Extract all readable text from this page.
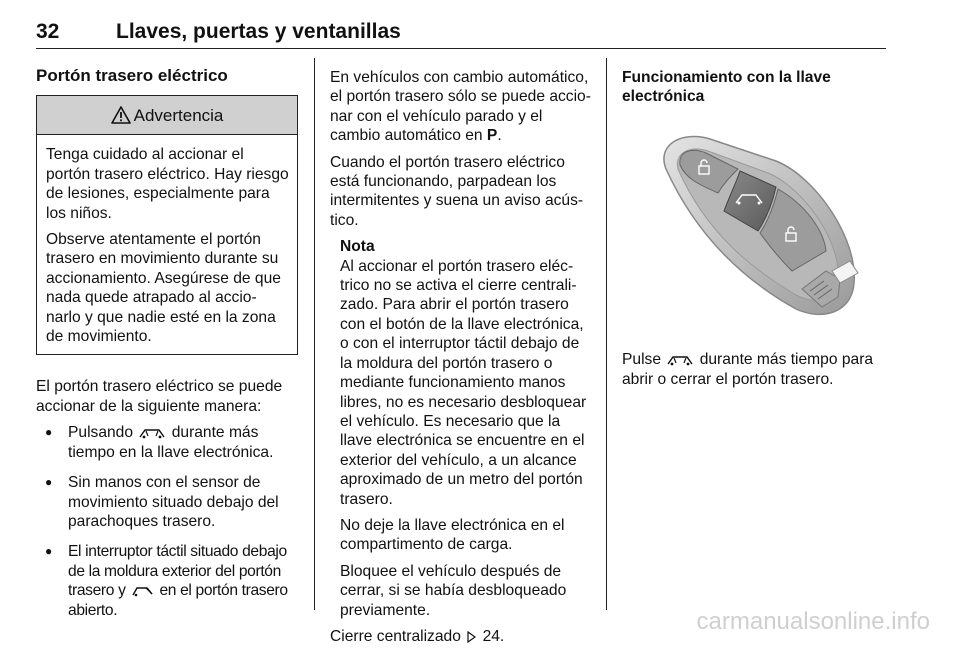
32	Llaves, puertas y ventanillas
Portón trasero eléctrico
Advertencia

Tenga cuidado al accionar el portón trasero eléctrico. Hay riesgo de lesiones, especialmente para los niños.

Observe atentamente el portón trasero en movimiento durante su accionamiento. Asegúrese de que nada quede atrapado al accio-narlo y que nadie esté en la zona de movimiento.

El portón trasero eléctrico se puede accionar de la siguiente manera:

● Pulsando durante más tiempo en la llave electrónica.
● Sin manos con el sensor de movimiento situado debajo del parachoques trasero.
● El interruptor táctil situado debajo de la moldura exterior del portón trasero y en el portón trasero abierto.

En vehículos con cambio automático, el portón trasero sólo se puede accio-nar con el vehículo parado y el cambio automático en P.

Cuando el portón trasero eléctrico está funcionando, parpadean los intermitentes y suena un aviso acús-tico.

Nota

Al accionar el portón trasero eléc-trico no se activa el cierre centrali-zado. Para abrir el portón trasero con el botón de la llave electrónica, o con el interruptor táctil debajo de la moldura del portón trasero o mediante funcionamiento manos libres, no es necesario desbloquear el vehículo. Es necesario que la llave electrónica se encuentre en el exterior del vehículo, a un alcance aproximado de un metro del portón trasero.

No deje la llave electrónica en el compartimento de carga.

Bloquee el vehículo después de cerrar, si se había desbloqueado previamente.

Cierre centralizado 24.

Funcionamiento con la llave electrónica

Pulse durante más tiempo para abrir o cerrar el portón trasero.

carmanualsonline.info
